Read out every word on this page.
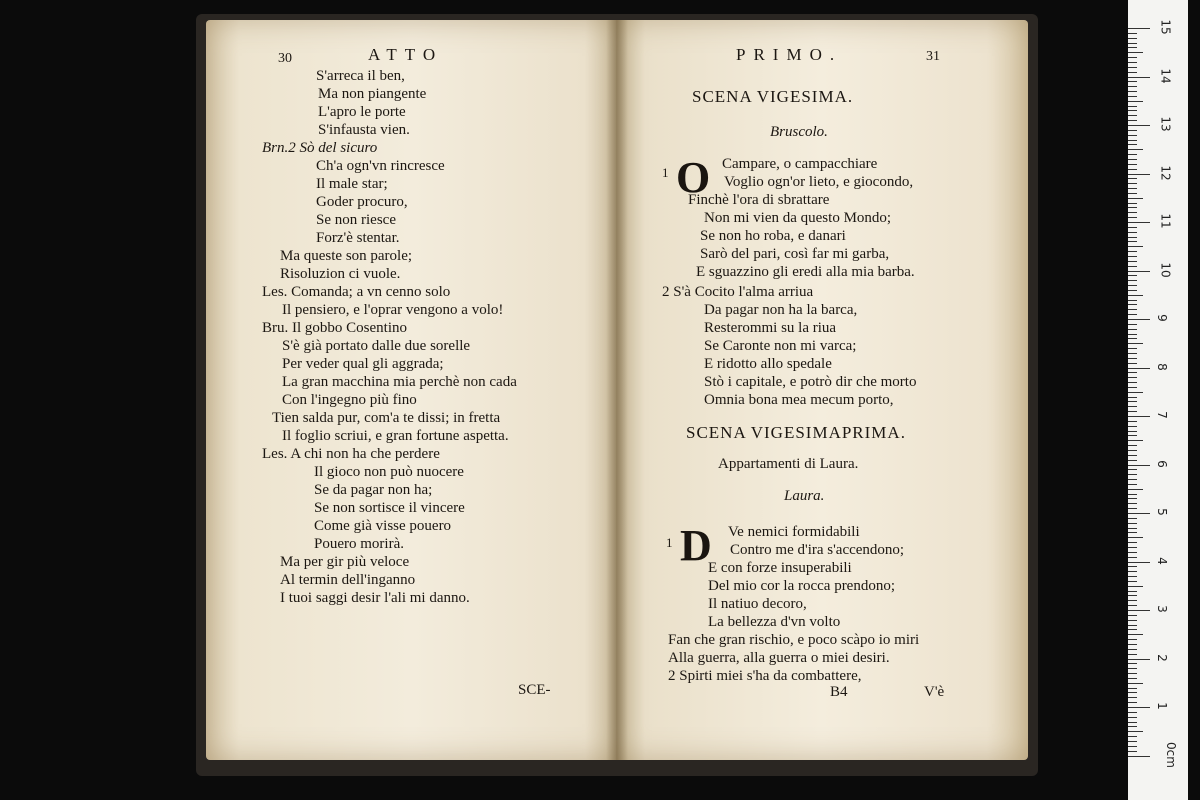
30	ATTO
S'arreca il ben,
Ma non piangente
L'apro le porte
S'infausta vien.
Brn.2 Sò del sicuro
Ch'a ogn'vn rincresce
Il male star;
Goder procuro,
Se non riesce
Forz'è stentar.
Ma queste son parole;
Risoluzion ci vuole.
Les. Comanda; a vn cenno solo
Il pensiero, e l'oprar vengono a volo!
Bru. Il gobbo Cosentino
S'è già portato dalle due sorelle
Per veder qual gli aggrada;
La gran macchina mia perchè non cada
Con l'ingegno più fino
Tien salda pur, com'a te dissi; in fretta
Il foglio scriui, e gran fortune aspetta.
Les. A chi non ha che perdere
Il gioco non può nuocere
Se da pagar non ha;
Se non sortisce il vincere
Come già visse pouero
Pouero morirà.
Ma per gir più veloce
Al termin dell'inganno
I tuoi saggi desir l'ali mi danno.
SCE-
PRIMO.	31
SCENA VIGESIMA.
Bruscolo.
1 O Campare, o campacchiare
Voglio ogn'or lieto, e giocondo,
Finchè l'ora di sbrattare
Non mi vien da questo Mondo;
Se non ho roba, e danari
Sarò del pari, così far mi garba,
E sguazzino gli eredi alla mia barba.
2 S'à Cocito l'alma arriua
Da pagar non ha la barca,
Resterommi su la riua
Se Caronte non mi varca;
E ridotto allo spedale
Stò i capitale, e potrò dir che morto
Omnia bona mea mecum porto,
SCENA VIGESIMAPRIMA.
Appartamenti di Laura.
Laura.
1 D Ve nemici formidabili
Contro me d'ira s'accendono;
E con forze insuperabili
Del mio cor la rocca prendono;
Il natiuo decoro,
La bellezza d'vn volto
Fan che gran rischio, e poco scàpo io miri
Alla guerra, alla guerra o miei desiri.
2 Spirti miei s'ha da combattere,
B4	V'è
15
14
13
12
11
10
9
8
7
6
5
4
3
2
1
0cm
